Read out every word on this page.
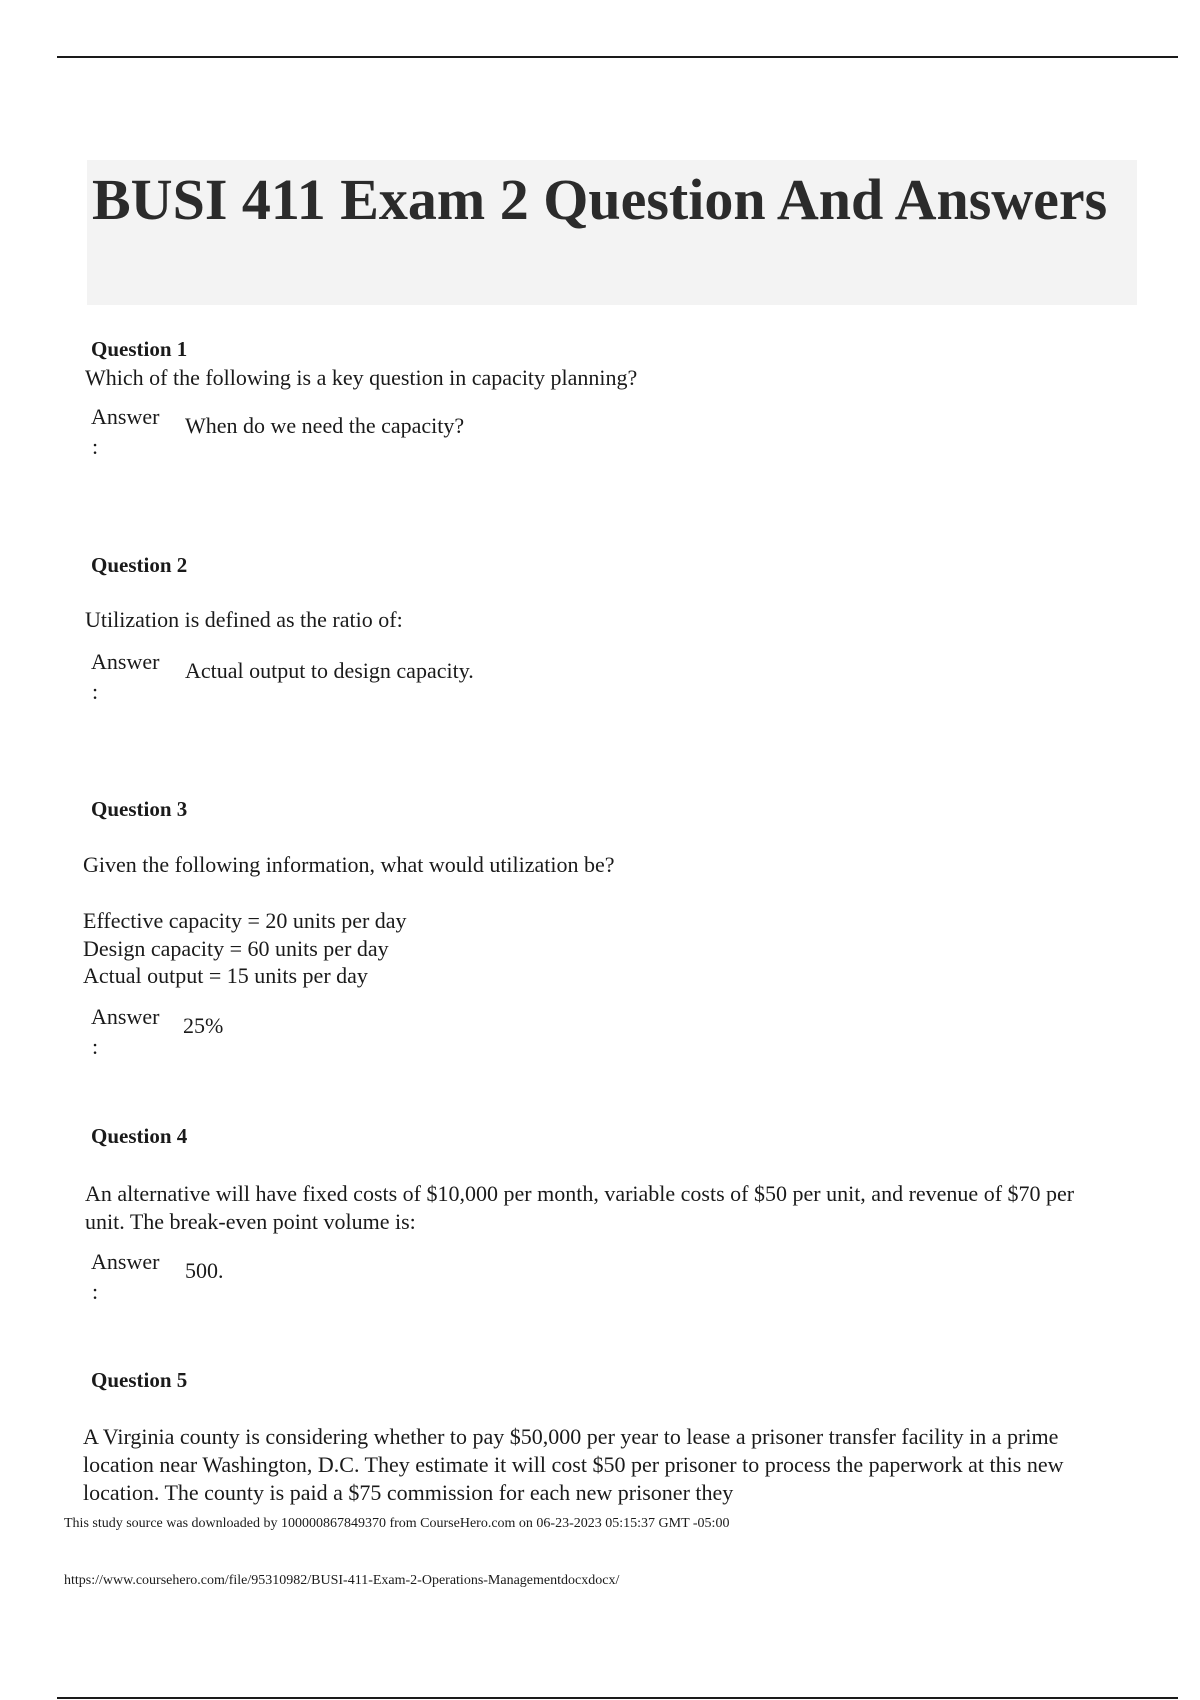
BUSI 411 Exam 2 Question And Answers
Question 1
Which of the following is a key question in capacity planning?
Answer
:
When do we need the capacity?
Question 2
Utilization is defined as the ratio of:
Answer
:
Actual output to design capacity.
Question 3
Given the following information, what would utilization be?
Effective capacity = 20 units per day
Design capacity = 60 units per day
Actual output = 15 units per day
Answer
:
25%
Question 4
An alternative will have fixed costs of $10,000 per month, variable costs of $50 per unit, and revenue of $70 per unit. The break-even point volume is:
Answer
:
500.
Question 5
A Virginia county is considering whether to pay $50,000 per year to lease a prisoner transfer facility in a prime location near Washington, D.C. They estimate it will cost $50 per prisoner to process the paperwork at this new location. The county is paid a $75 commission for each new prisoner they
This study source was downloaded by 100000867849370 from CourseHero.com on 06-23-2023 05:15:37 GMT -05:00
https://www.coursehero.com/file/95310982/BUSI-411-Exam-2-Operations-Managementdocxdocx/
